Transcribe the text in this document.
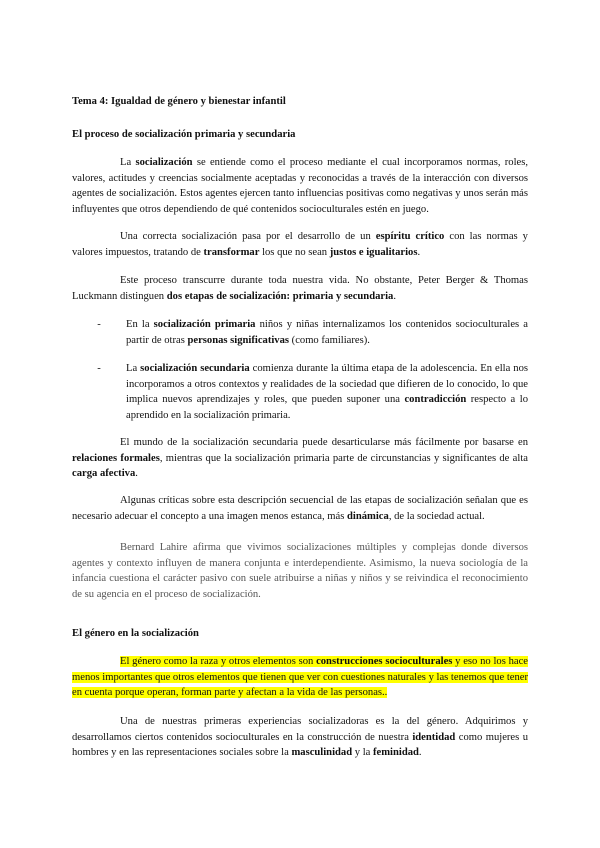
Tema 4: Igualdad de género y bienestar infantil
El proceso de socialización primaria y secundaria

La socialización se entiende como el proceso mediante el cual incorporamos normas, roles, valores, actitudes y creencias socialmente aceptadas y reconocidas a través de la interacción con diversos agentes de socialización. Estos agentes ejercen tanto influencias positivas como negativas y unos serán más influyentes que otros dependiendo de qué contenidos socioculturales estén en juego.

Una correcta socialización pasa por el desarrollo de un espíritu crítico con las normas y valores impuestos, tratando de transformar los que no sean justos e igualitarios.

Este proceso transcurre durante toda nuestra vida. No obstante, Peter Berger & Thomas Luckmann distinguen dos etapas de socialización: primaria y secundaria.

-	En la socialización primaria niños y niñas internalizamos los contenidos socioculturales a partir de otras personas significativas (como familiares).

-	La socialización secundaria comienza durante la última etapa de la adolescencia. En ella nos incorporamos a otros contextos y realidades de la sociedad que difieren de lo conocido, lo que implica nuevos aprendizajes y roles, que pueden suponer una contradicción respecto a lo aprendido en la socialización primaria.

El mundo de la socialización secundaria puede desarticularse más fácilmente por basarse en relaciones formales, mientras que la socialización primaria parte de circunstancias y significantes de alta carga afectiva.

Algunas críticas sobre esta descripción secuencial de las etapas de socialización señalan que es necesario adecuar el concepto a una imagen menos estanca, más dinámica, de la sociedad actual.

Bernard Lahire afirma que vivimos socializaciones múltiples y complejas donde diversos agentes y contexto influyen de manera conjunta e interdependiente. Asimismo, la nueva sociología de la infancia cuestiona el carácter pasivo con suele atribuirse a niñas y niños y se reivindica el reconocimiento de su agencia en el proceso de socialización.

El género en la socialización

El género como la raza y otros elementos son construcciones socioculturales y eso no los hace menos importantes que otros elementos que tienen que ver con cuestiones naturales y las tenemos que tener en cuenta porque operan, forman parte y afectan a la vida de las personas..

Una de nuestras primeras experiencias socializadoras es la del género. Adquirimos y desarrollamos ciertos contenidos socioculturales en la construcción de nuestra identidad como mujeres u hombres y en las representaciones sociales sobre la masculinidad y la feminidad.
